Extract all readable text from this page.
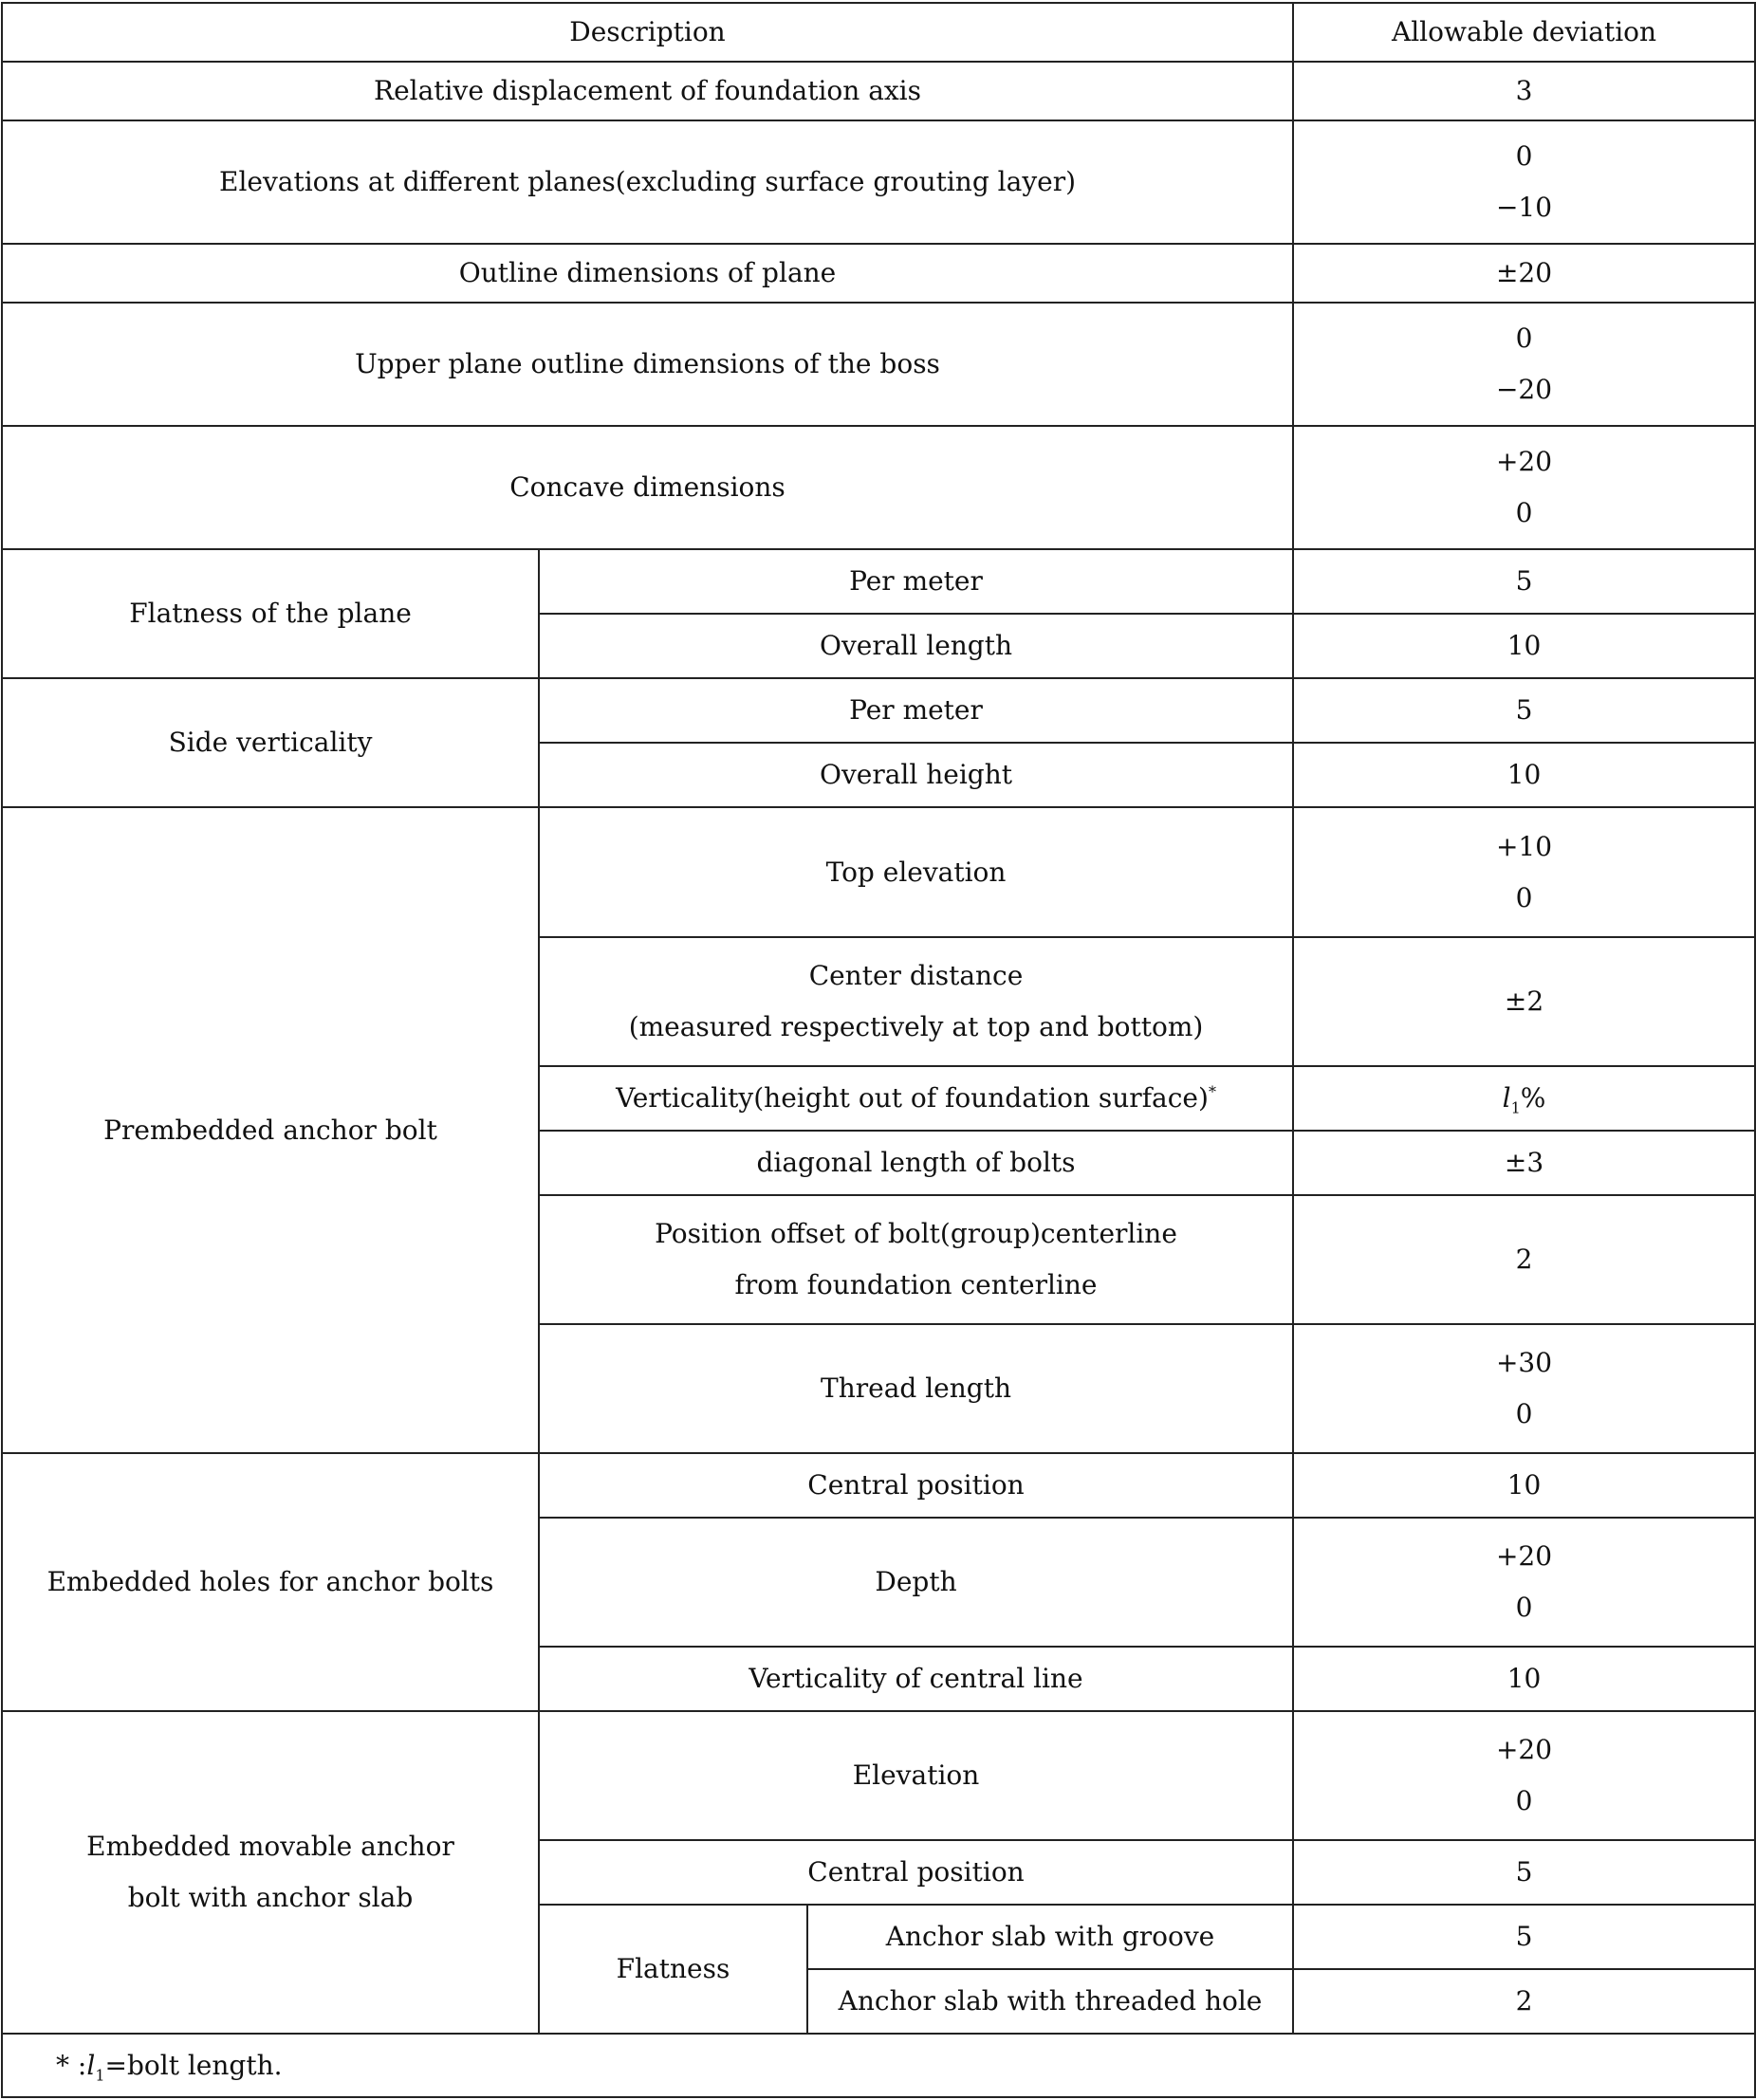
Description			Allowable deviation
Relative displacement of foundation axis			3
Elevations at different planes(excluding surface grouting layer)			0
−10

Outline dimensions of plane			±20
Upper plane outline dimensions of the boss			0
−20

Concave dimensions			+20
0

Flatness of the plane	Per meter		5
	Overall length		10
Side verticality	Per meter		5
	Overall height		10
Prembedded anchor bolt	Top elevation		+10
0

	Center distance
(measured respectively at top and bottom)		±2
	Verticality(height out of foundation surface)*		$l_1\%$
	diagonal length of bolts		±3

	Position offset of bolt(group)centerline
from foundation centerline		2
	Thread length		+30
0

Embedded holes for anchor bolts	Central position		10
	Depth		+20
0

	Verticality of central line		10

Embedded movable anchor
bolt with anchor slab	Elevation		+20
0

	Central position		5
	Flatness	Anchor slab with groove	5
		Anchor slab with threaded hole	2
* $:l_1=bolt$ length.			
